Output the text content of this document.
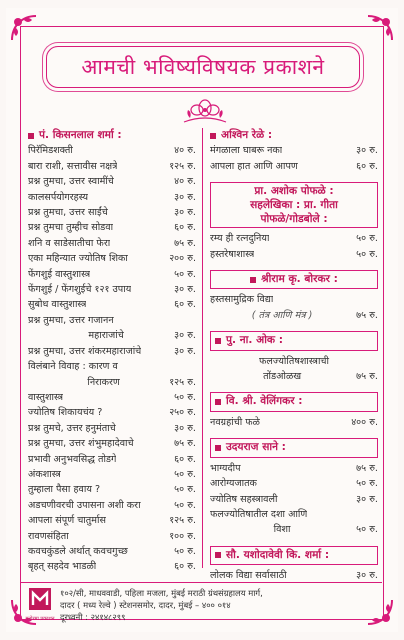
आमची भविष्यविषयक प्रकाशने
पं. किसनलाल शर्मा :
पिरॅमिडशक्ती	४० रु.
बारा राशी, सत्तावीस नक्षत्रे	१२५ रु.
प्रश्न तुमचा, उत्तर स्वामींचे	४० रु.
कालसर्पयोगरहस्य	३० रु.
प्रश्न तुमचा, उत्तर साईंचे	३० रु.
प्रश्न तुमचा तुम्हीच सोडवा	६० रु.
शनि व साडेसातीचा फेरा	७५ रु.
एका महिन्यात ज्योतिष शिका	२०० रु.
फेंगशुई वास्तुशास्त्र	५० रु.
फेंगशुई / फेंगशुईचे १२१ उपाय	३० रु.
सुबोध वास्तुशास्त्र	६० रु.
प्रश्न तुमचा, उत्तर गजानन
महाराजांचे	३० रु.
प्रश्न तुमचा, उत्तर शंकरमहाराजांचे	३० रु.
विलंबाने विवाह : कारण व
निराकरण	१२५ रु.
वास्तुशास्त्र	५० रु.
ज्योतिष शिकायचंय ?	२५० रु.
प्रश्न तुमचे, उत्तर हनुमंताचे	३० रु.
प्रश्न तुमचा, उत्तर शंभुमहादेवाचे	७५ रु.
प्रभावी अनुभवसिद्ध तोडगे	६० रु.
अंकशास्त्र	५० रु.
तुम्हाला पैसा हवाय ?	५० रु.
अडचणीवरची उपासना अशी करा	५० रु.
आपला संपूर्ण चातुर्मास	१२५ रु.
रावणसंहिता	१०० रु.
कवचकुंडले अर्थात् कवचगुच्छ	५० रु.
बृहत् सहदेव भाडळी	६० रु.
अश्विन रेळे :
मंगळाला घाबरू नका	३० रु.
आपला हात आणि आपण	६० रु.
प्रा. अशोक पोफळे :
सहलेखिका : प्रा. गीता
पोफळे/गोडबोले :
रम्य ही रत्नदुनिया	५० रु.
हस्तरेषाशास्त्र	५० रु.
श्रीराम कृ. बोरकर :
हस्तसामुद्रिक विद्या
( तंत्र आणि मंत्र )	७५ रु.
पु. ना. ओक :
फलज्योतिषशास्त्राची
तोंडओळख	७५ रु.
वि. श्री. वेलिंगकर :
नवग्रहांची फळे	४०० रु.
उदयराज साने :
भाग्यदीप	७५ रु.
आरोग्यजातक	५० रु.
ज्योतिष सहस्त्रावली	३० रु.
फलज्योतिषातील दशा आणि
विशा	५० रु.
सौ. यशोदावेवी कि. शर्मा :
लोलक विद्या सर्वासाठी	३० रु.
मनोरमा प्रकाशन
१०२/सी, माधववाडी, पहिला मजला, मुंबई मराठी ग्रंथसंग्रहालय मार्ग,
दादर ( मध्य रेल्वे ) स्टेशनसमोर, दादर, मुंबई – ४०० ०१४
दूरध्वनी : २४१४८२९९
